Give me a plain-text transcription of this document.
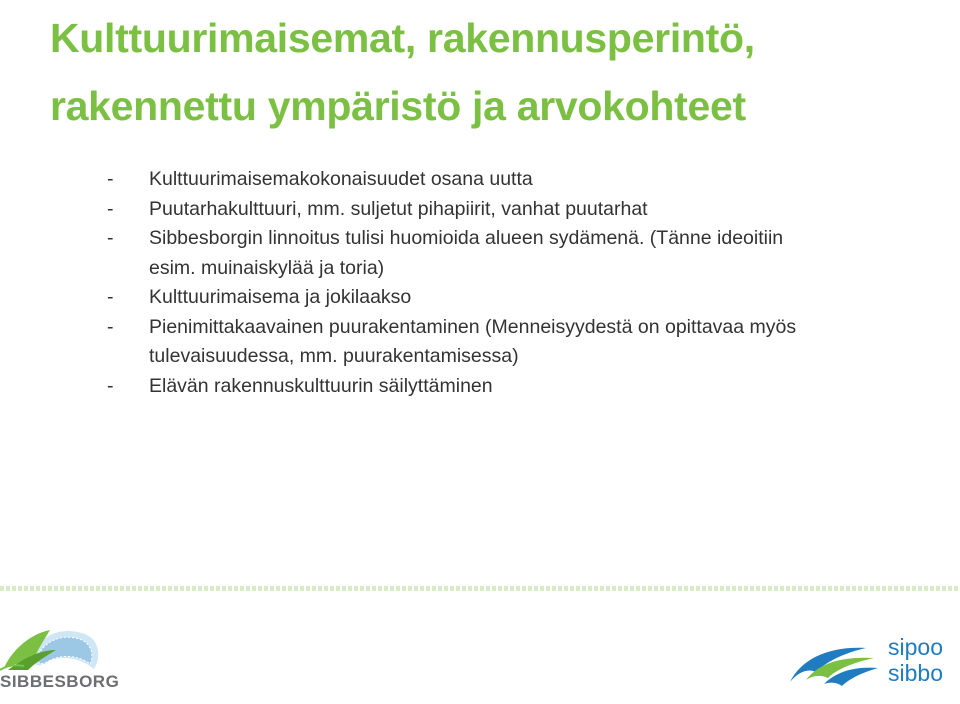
Kulttuurimaisemat, rakennusperintö, rakennettu ympäristö ja arvokohteet
- Kulttuurimaisemakokonaisuudet osana uutta
- Puutarhakulttuuri, mm. suljetut pihapiirit, vanhat puutarhat
- Sibbesborgin linnoitus tulisi huomioida alueen sydämenä. (Tänne ideoitiin esim. muinaiskylää ja toria)
- Kulttuurimaisema ja jokilaakso
- Pienimittakaavainen puurakentaminen (Menneisyydestä on opittavaa myös tulevaisuudessa, mm. puurakentamisessa)
- Elävän rakennuskulttuurin säilyttäminen
SIBBESBORG
sipoo
sibbo
